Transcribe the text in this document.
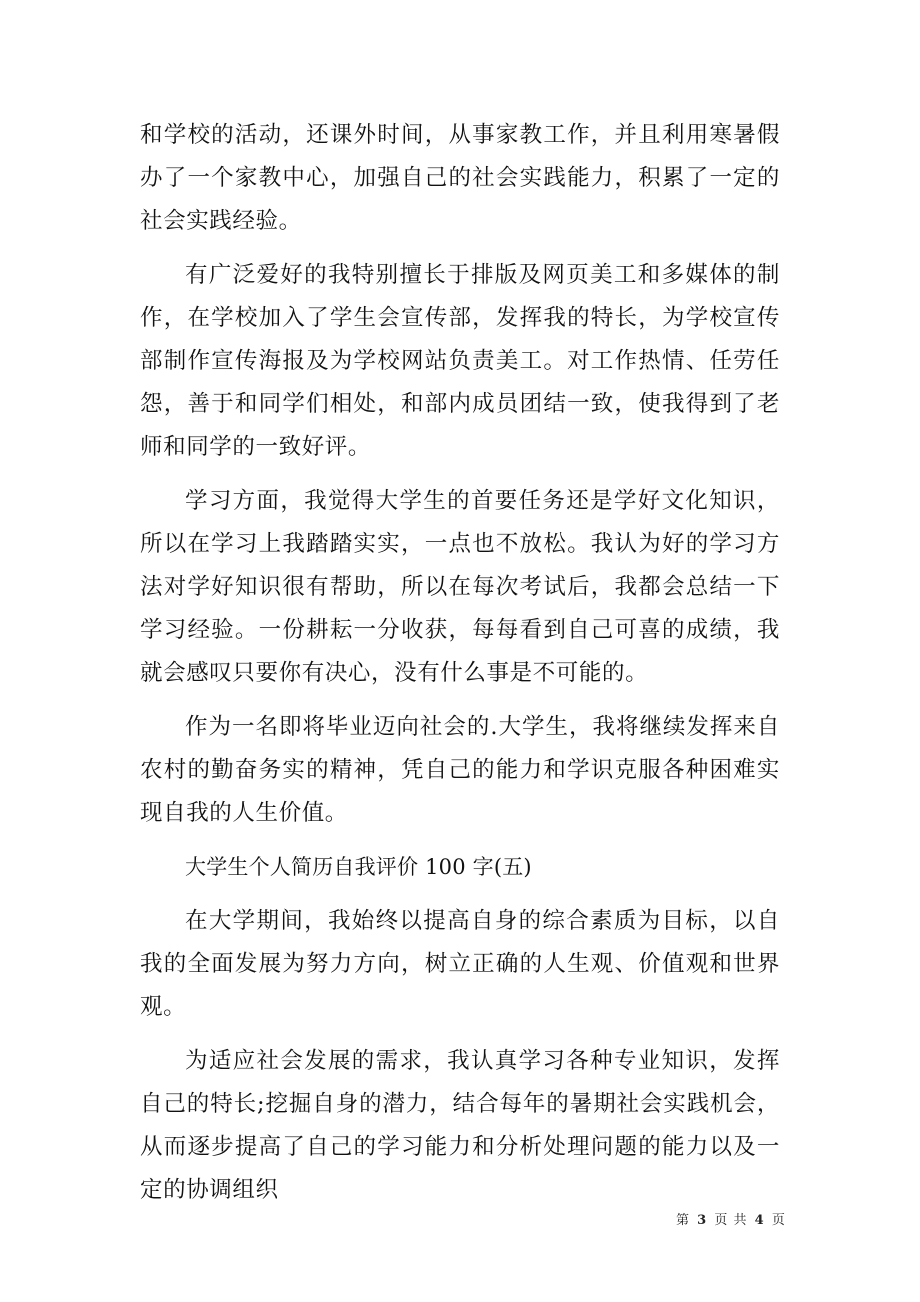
和学校的活动，还课外时间，从事家教工作，并且利用寒暑假办了一个家教中心，加强自己的社会实践能力，积累了一定的社会实践经验。

有广泛爱好的我特别擅长于排版及网页美工和多媒体的制作，在学校加入了学生会宣传部，发挥我的特长，为学校宣传部制作宣传海报及为学校网站负责美工。对工作热情、任劳任怨，善于和同学们相处，和部内成员团结一致，使我得到了老师和同学的一致好评。

学习方面，我觉得大学生的首要任务还是学好文化知识，所以在学习上我踏踏实实，一点也不放松。我认为好的学习方法对学好知识很有帮助，所以在每次考试后，我都会总结一下学习经验。一份耕耘一分收获，每每看到自己可喜的成绩，我就会感叹只要你有决心，没有什么事是不可能的。

作为一名即将毕业迈向社会的.大学生，我将继续发挥来自农村的勤奋务实的精神，凭自己的能力和学识克服各种困难实现自我的人生价值。

大学生个人简历自我评价 100 字(五)

在大学期间，我始终以提高自身的综合素质为目标，以自我的全面发展为努力方向，树立正确的人生观、价值观和世界观。

为适应社会发展的需求，我认真学习各种专业知识，发挥自己的特长;挖掘自身的潜力，结合每年的暑期社会实践机会，从而逐步提高了自己的学习能力和分析处理问题的能力以及一定的协调组织

第 3 页 共 4 页
